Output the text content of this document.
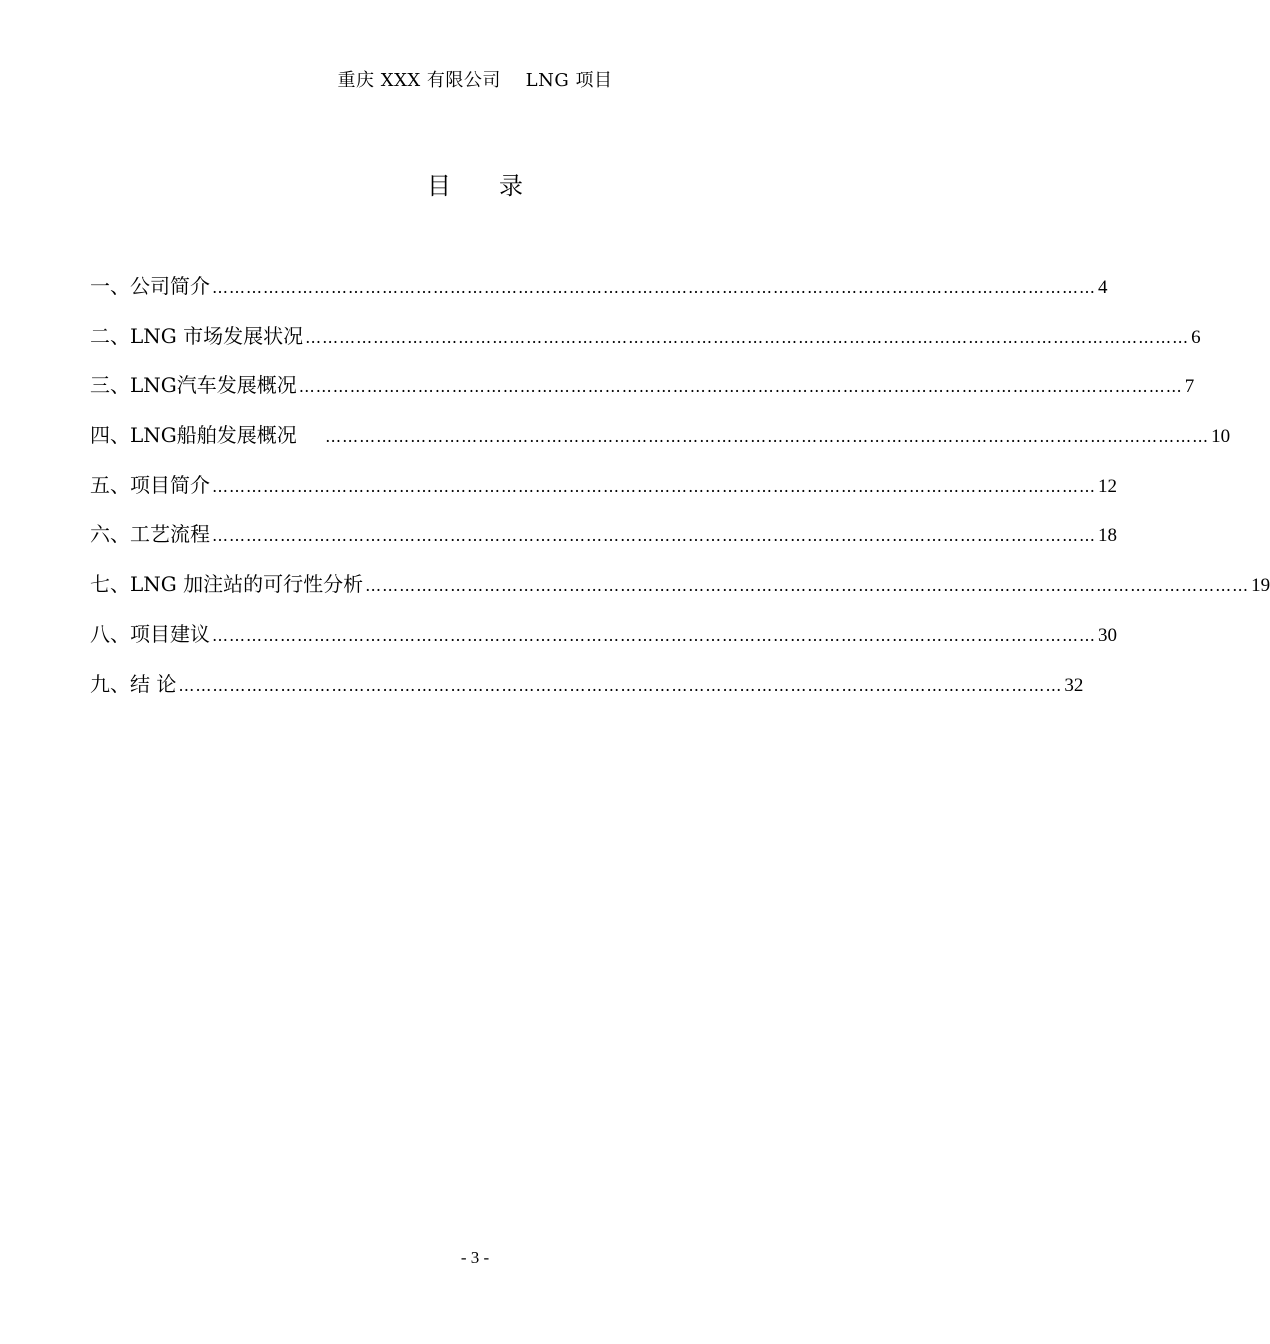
重庆 XXX 有限公司　 LNG 项目
目 录
一、公司简介 ………………………………………………………………………………………………………………………………………… 4
二、LNG 市场发展状况 ………………………………………………………………………………………………………………………………………… 6
三、LNG汽车发展概况 ………………………………………………………………………………………………………………………………………… 7
四、LNG船舶发展概况 　 ………………………………………………………………………………………………………………………………………… 10
五、项目简介 ………………………………………………………………………………………………………………………………………… 12
六、工艺流程 ………………………………………………………………………………………………………………………………………… 18
七、LNG 加注站的可行性分析 ………………………………………………………………………………………………………………………………………… 19
八、项目建议 ………………………………………………………………………………………………………………………………………… 30
九、结 论 ………………………………………………………………………………………………………………………………………… 32
- 3 -
